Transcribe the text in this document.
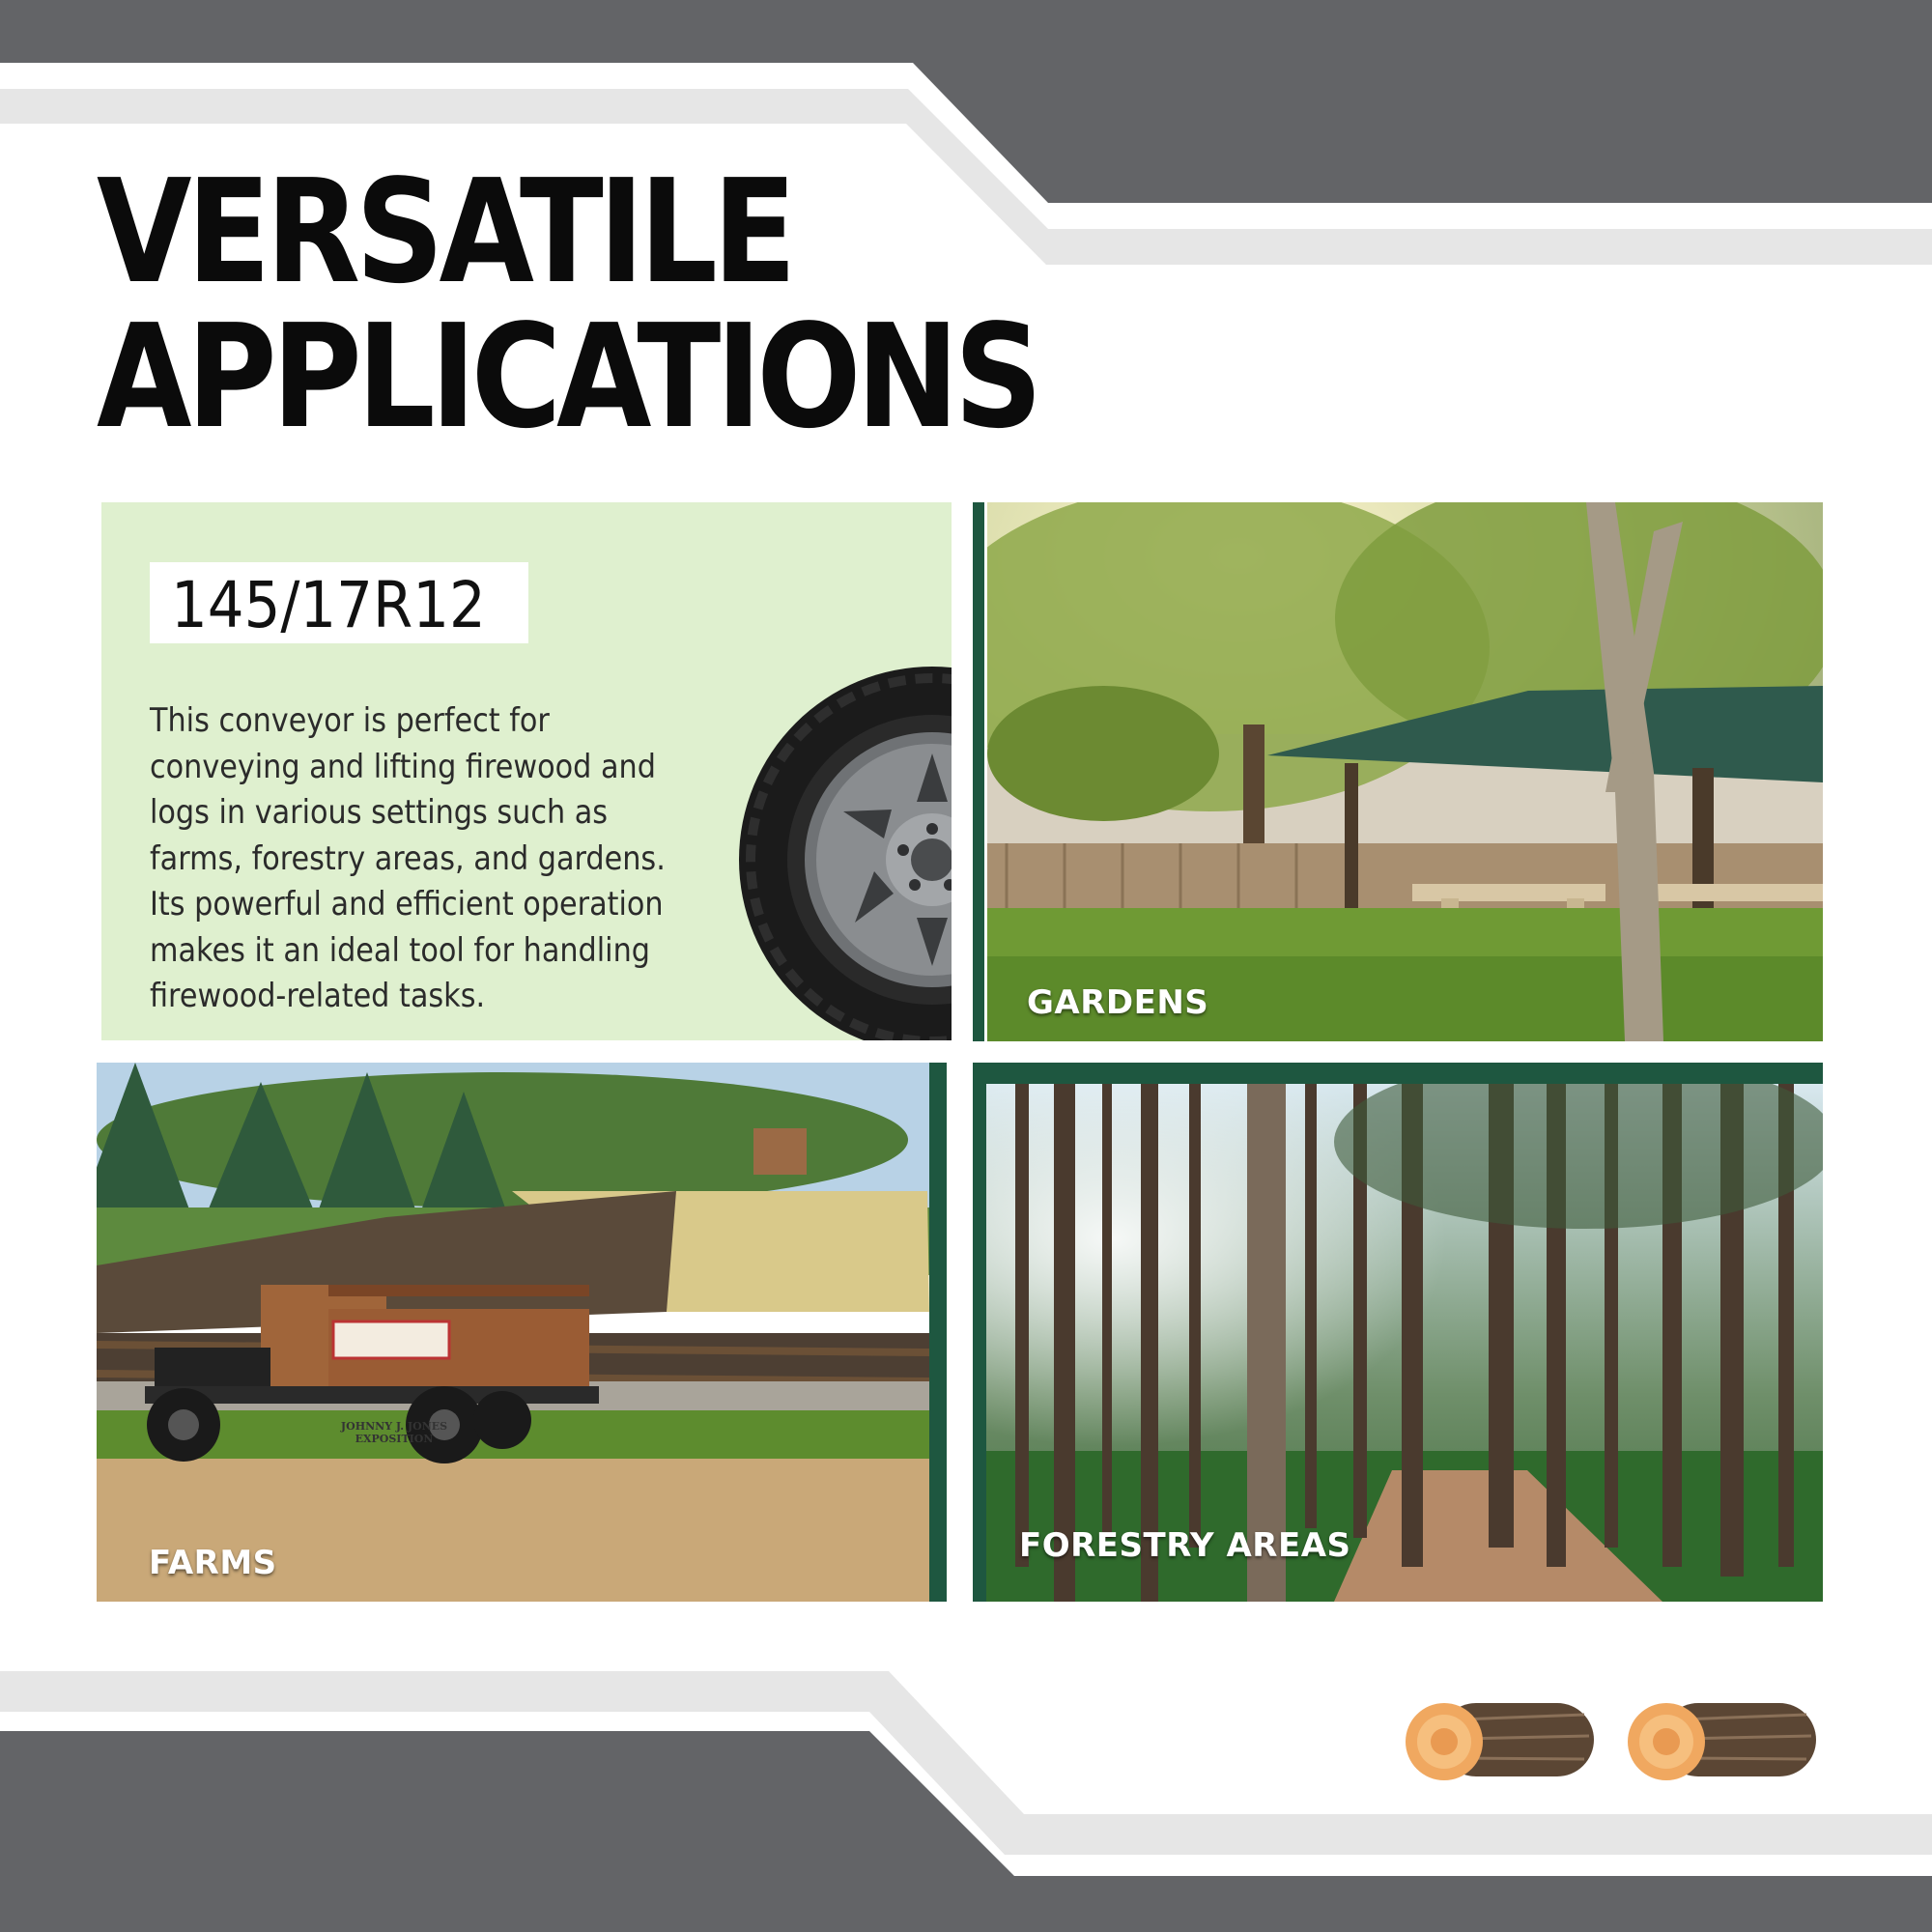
VERSATILE
APPLICATIONS
145/17R12

This conveyor is perfect for conveying and lifting firewood and logs in various settings such as farms, forestry areas, and gardens. Its powerful and efficient operation makes it an ideal tool for handling firewood-related tasks.	GARDENS
JOHNNY J. JONES EXPOSITION
FARMS	FORESTRY AREAS
